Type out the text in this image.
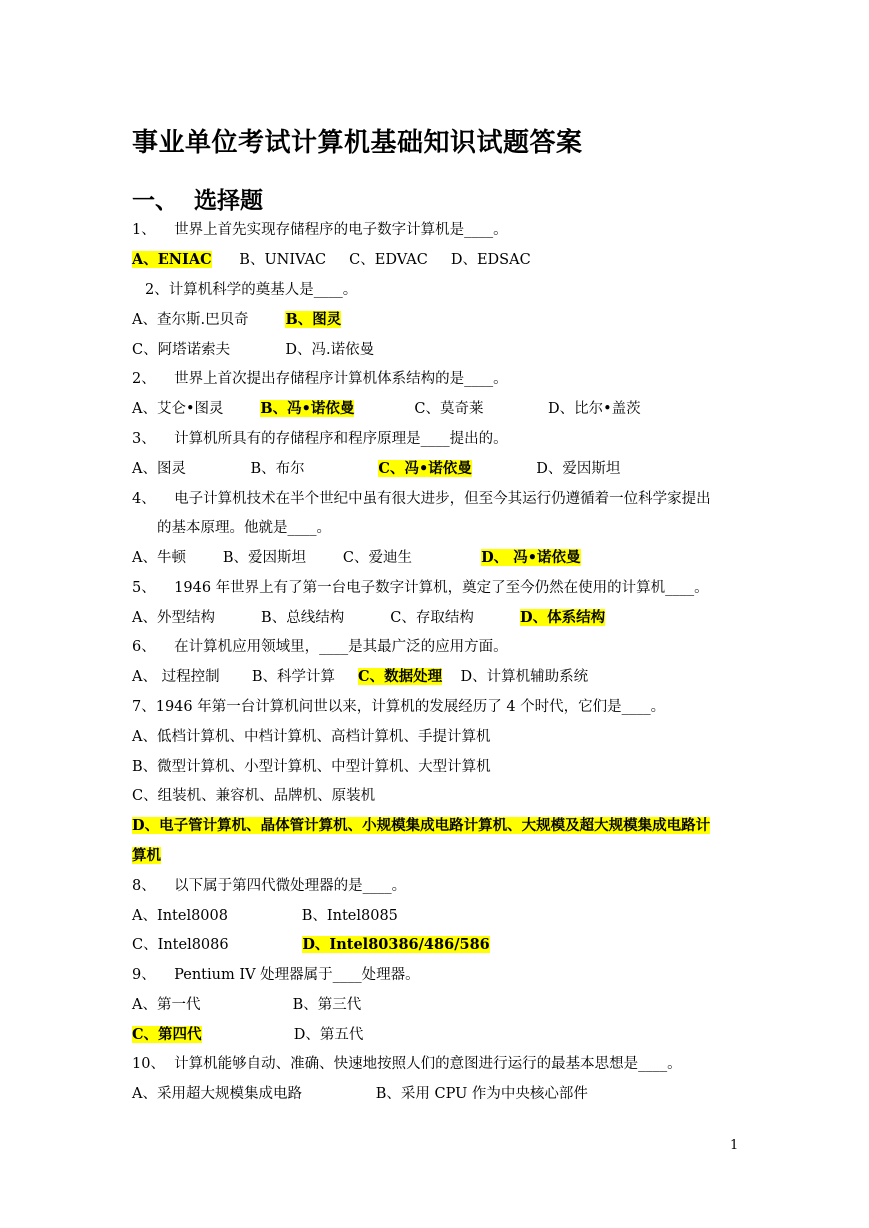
事业单位考试计算机基础知识试题答案
一、 选择题
1、    世界上首先实现存储程序的电子数字计算机是____。
A、ENIAC      B、UNIVAC     C、EDVAC     D、EDSAC
2、计算机科学的奠基人是____。
A、查尔斯.巴贝奇        B、图灵
C、阿塔诺索夫            D、冯.诺依曼
2、    世界上首次提出存储程序计算机体系结构的是____。
A、艾仑•图灵        B、冯•诺依曼             C、莫奇莱              D、比尔•盖茨
3、    计算机所具有的存储程序和程序原理是____提出的。
A、图灵              B、布尔                C、冯•诺依曼              D、爱因斯坦
4、    电子计算机技术在半个世纪中虽有很大进步，但至今其运行仍遵循着一位科学家提出
的基本原理。他就是____。
A、牛顿        B、爱因斯坦        C、爱迪生               D、 冯•诺依曼
5、    1946 年世界上有了第一台电子数字计算机，奠定了至今仍然在使用的计算机____。
A、外型结构          B、总线结构          C、存取结构          D、体系结构
6、    在计算机应用领域里，____是其最广泛的应用方面。
A、 过程控制       B、科学计算     C、数据处理    D、计算机辅助系统
7、1946 年第一台计算机问世以来，计算机的发展经历了 4 个时代，它们是____。
A、低档计算机、中档计算机、高档计算机、手提计算机
B、微型计算机、小型计算机、中型计算机、大型计算机
C、组装机、兼容机、品牌机、原装机
D、电子管计算机、晶体管计算机、小规模集成电路计算机、大规模及超大规模集成电路计
算机
8、    以下属于第四代微处理器的是____。
A、Intel8008                B、Intel8085
C、Intel8086                D、Intel80386/486/586
9、    Pentium IV 处理器属于____处理器。
A、第一代                    B、第三代
C、第四代                    D、第五代
10、  计算机能够自动、准确、快速地按照人们的意图进行运行的最基本思想是____。
A、采用超大规模集成电路                B、采用 CPU 作为中央核心部件
1
